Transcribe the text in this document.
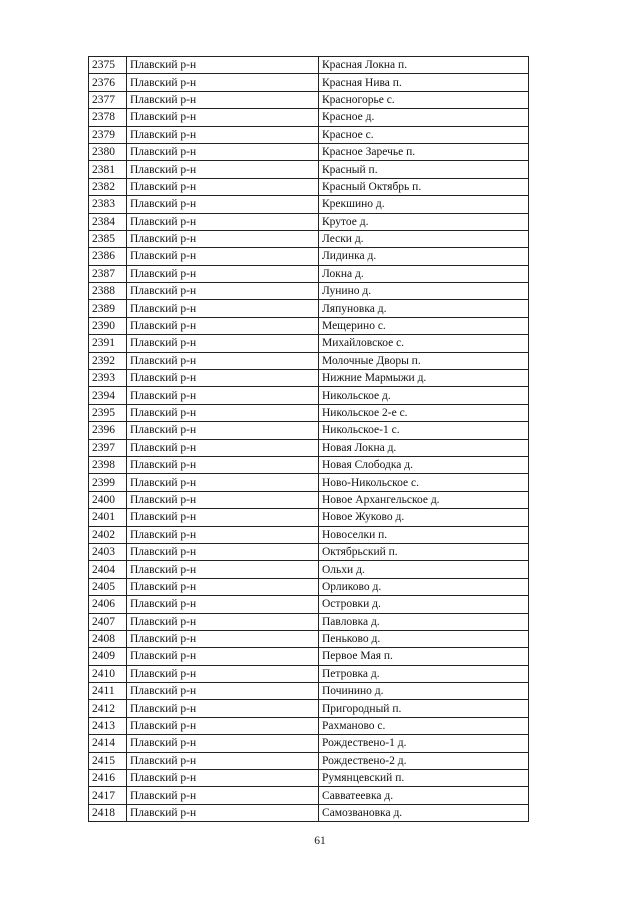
2375	Плавский р-н	Красная Локна п.
2376	Плавский р-н	Красная Нива п.
2377	Плавский р-н	Красногорье с.
2378	Плавский р-н	Красное д.
2379	Плавский р-н	Красное с.
2380	Плавский р-н	Красное Заречье п.
2381	Плавский р-н	Красный п.
2382	Плавский р-н	Красный Октябрь п.
2383	Плавский р-н	Крекшино д.
2384	Плавский р-н	Крутое д.
2385	Плавский р-н	Лески д.
2386	Плавский р-н	Лидинка д.
2387	Плавский р-н	Локна д.
2388	Плавский р-н	Лунино д.
2389	Плавский р-н	Ляпуновка д.
2390	Плавский р-н	Мещерино с.
2391	Плавский р-н	Михайловское с.
2392	Плавский р-н	Молочные Дворы п.
2393	Плавский р-н	Нижние Мармыжи д.
2394	Плавский р-н	Никольское д.
2395	Плавский р-н	Никольское 2-е с.
2396	Плавский р-н	Никольское-1 с.
2397	Плавский р-н	Новая Локна д.
2398	Плавский р-н	Новая Слободка д.
2399	Плавский р-н	Ново-Никольское с.
2400	Плавский р-н	Новое Архангельское д.
2401	Плавский р-н	Новое Жуково д.
2402	Плавский р-н	Новоселки п.
2403	Плавский р-н	Октябрьский п.
2404	Плавский р-н	Ольхи д.
2405	Плавский р-н	Орликово д.
2406	Плавский р-н	Островки д.
2407	Плавский р-н	Павловка д.
2408	Плавский р-н	Пеньково д.
2409	Плавский р-н	Первое Мая п.
2410	Плавский р-н	Петровка д.
2411	Плавский р-н	Починино д.
2412	Плавский р-н	Пригородный п.
2413	Плавский р-н	Рахманово с.
2414	Плавский р-н	Рождествено-1 д.
2415	Плавский р-н	Рождествено-2 д.
2416	Плавский р-н	Румянцевский п.
2417	Плавский р-н	Савватеевка д.
2418	Плавский р-н	Самозвановка д.
61
